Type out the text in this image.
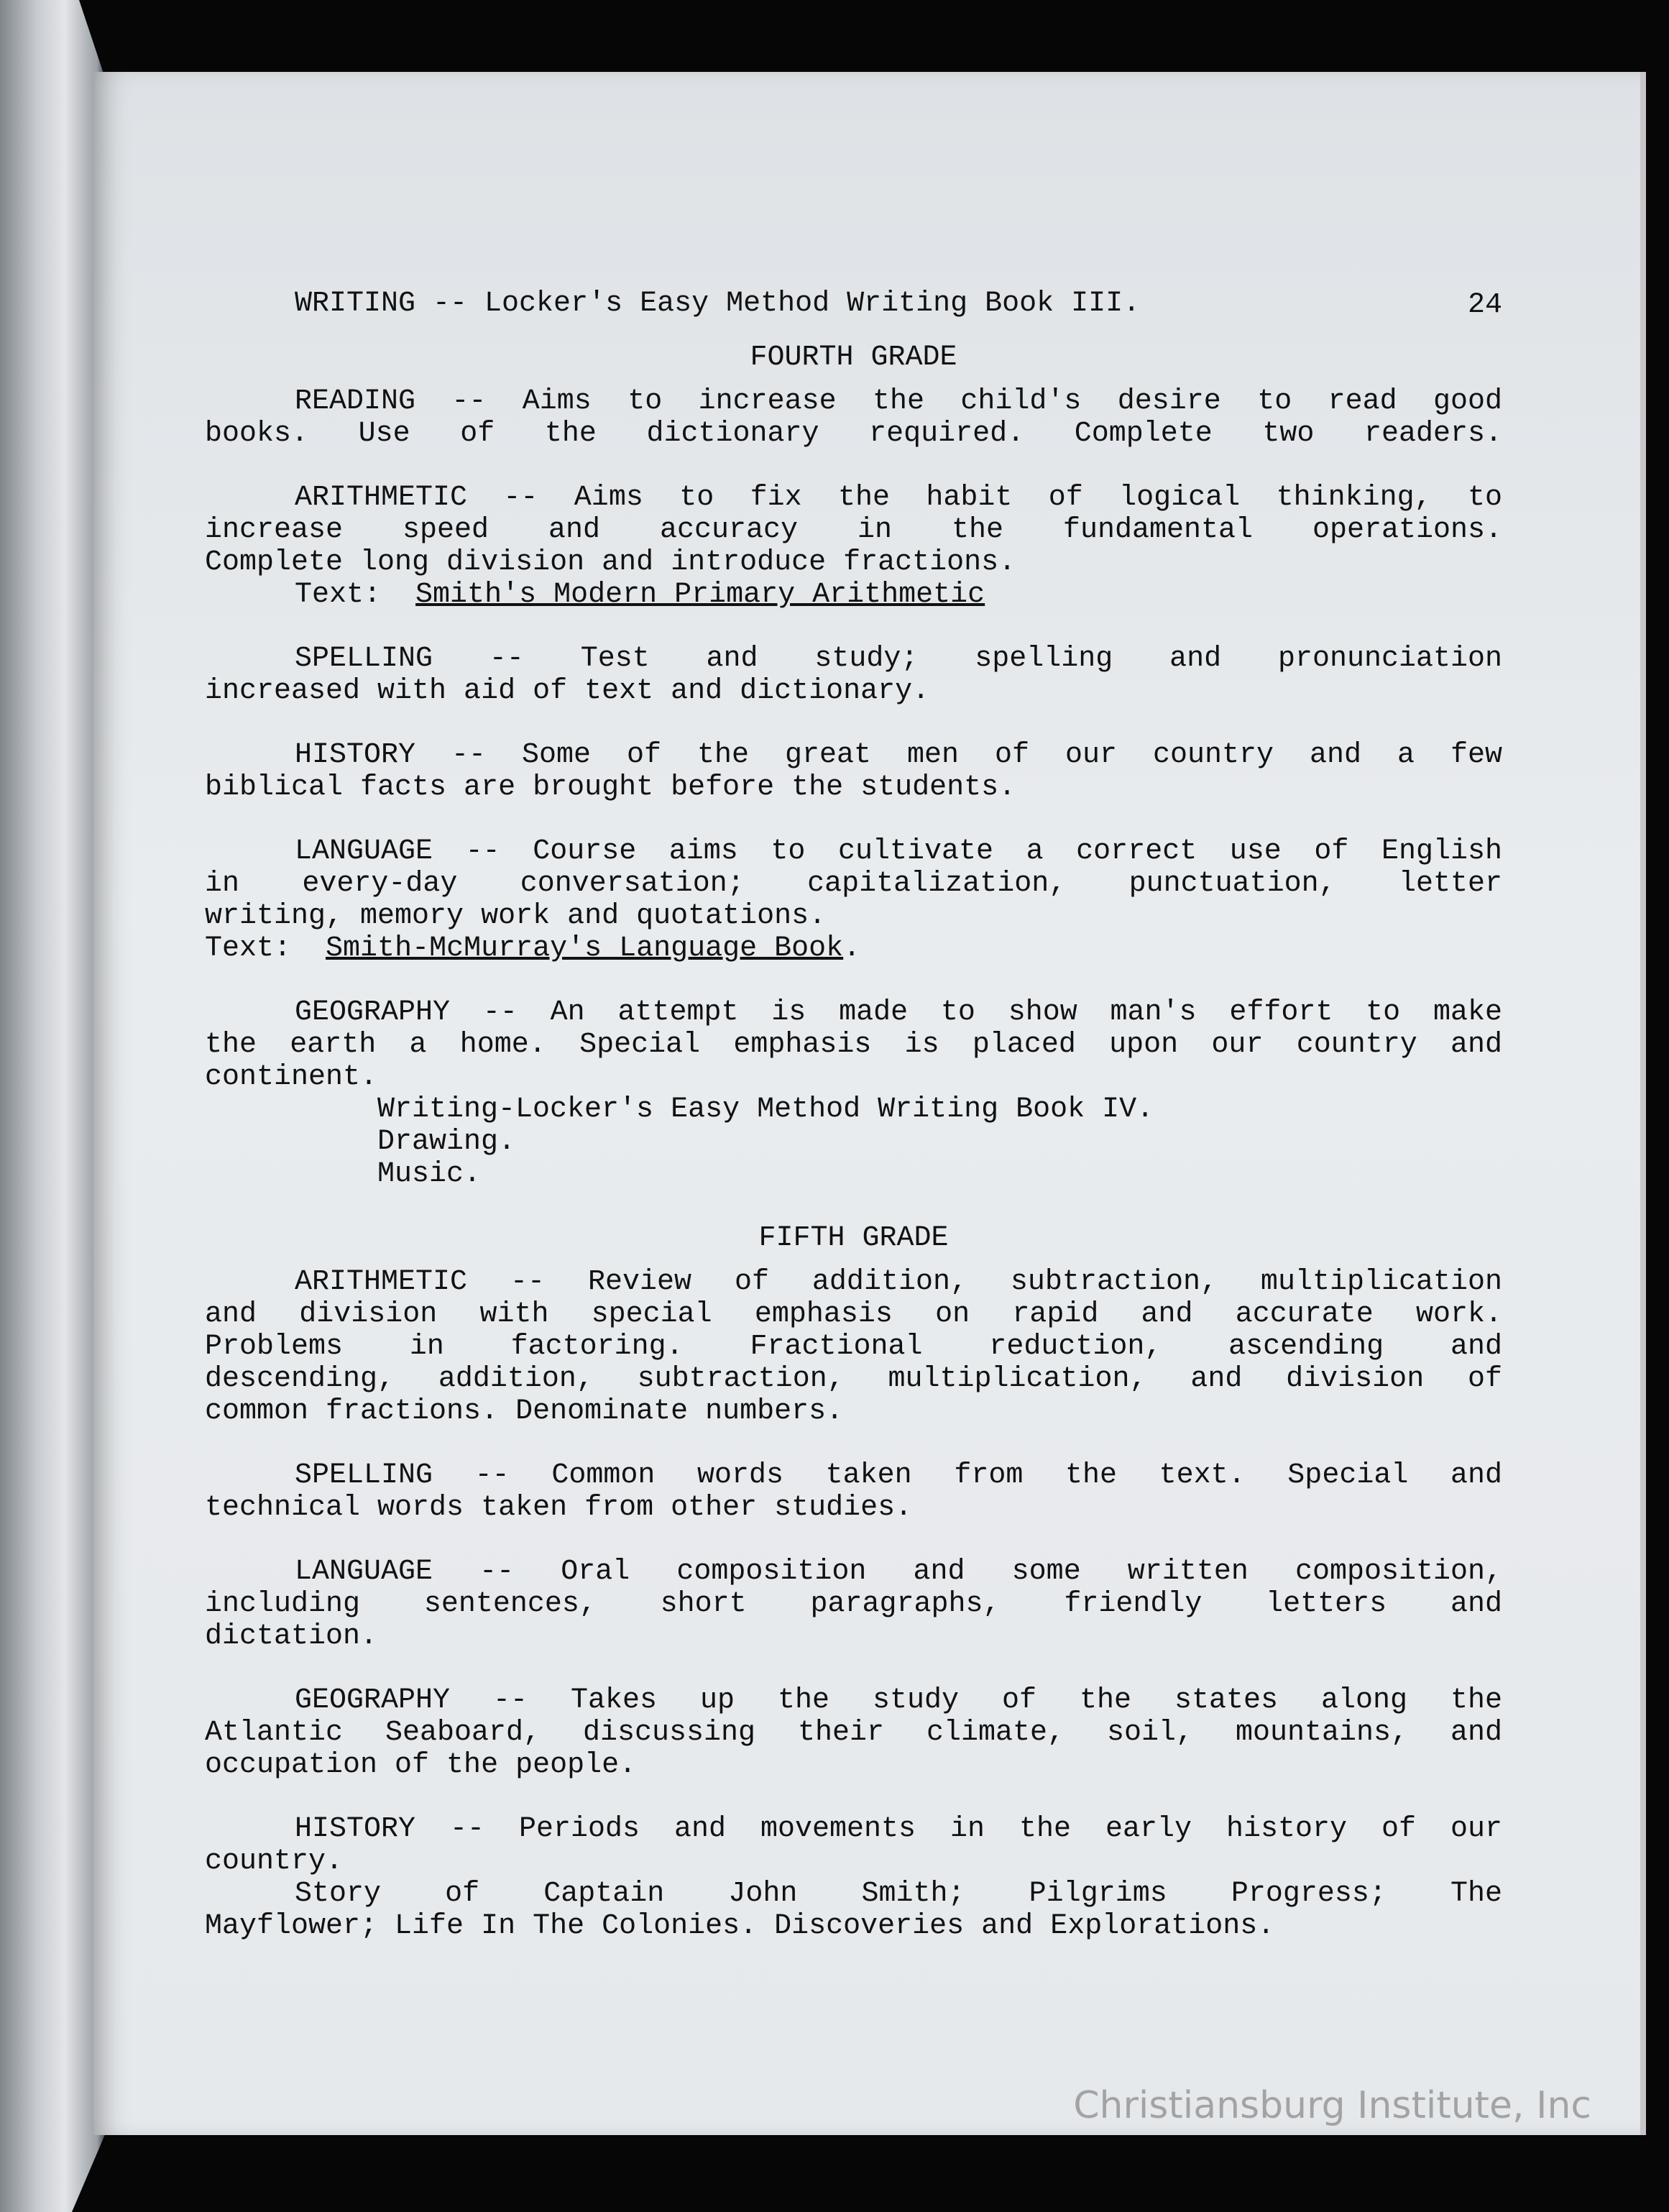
24
WRITING -- Locker's Easy Method Writing Book III.
FOURTH GRADE
READING -- Aims to increase the child's desire to read good
books. Use of the dictionary required. Complete two readers.
ARITHMETIC -- Aims to fix the habit of logical thinking, to
increase speed and accuracy in the fundamental operations.
Complete long division and introduce fractions.
Text: Smith's Modern Primary Arithmetic
SPELLING -- Test and study; spelling and pronunciation
increased with aid of text and dictionary.
HISTORY -- Some of the great men of our country and a few
biblical facts are brought before the students.
LANGUAGE -- Course aims to cultivate a correct use of English
in every-day conversation; capitalization, punctuation, letter
writing, memory work and quotations.
Text: Smith-McMurray's Language Book.
GEOGRAPHY -- An attempt is made to show man's effort to make
the earth a home. Special emphasis is placed upon our country and
continent.
Writing-Locker's Easy Method Writing Book IV.
Drawing.
Music.
FIFTH GRADE
ARITHMETIC -- Review of addition, subtraction, multiplication
and division with special emphasis on rapid and accurate work.
Problems in factoring. Fractional reduction, ascending and
descending, addition, subtraction, multiplication, and division of
common fractions. Denominate numbers.
SPELLING -- Common words taken from the text. Special and
technical words taken from other studies.
LANGUAGE -- Oral composition and some written composition,
including sentences, short paragraphs, friendly letters and
dictation.
GEOGRAPHY -- Takes up the study of the states along the
Atlantic Seaboard, discussing their climate, soil, mountains, and
occupation of the people.
HISTORY -- Periods and movements in the early history of our
country.
Story of Captain John Smith; Pilgrims Progress; The
Mayflower; Life In The Colonies. Discoveries and Explorations.
Christiansburg Institute, Inc
